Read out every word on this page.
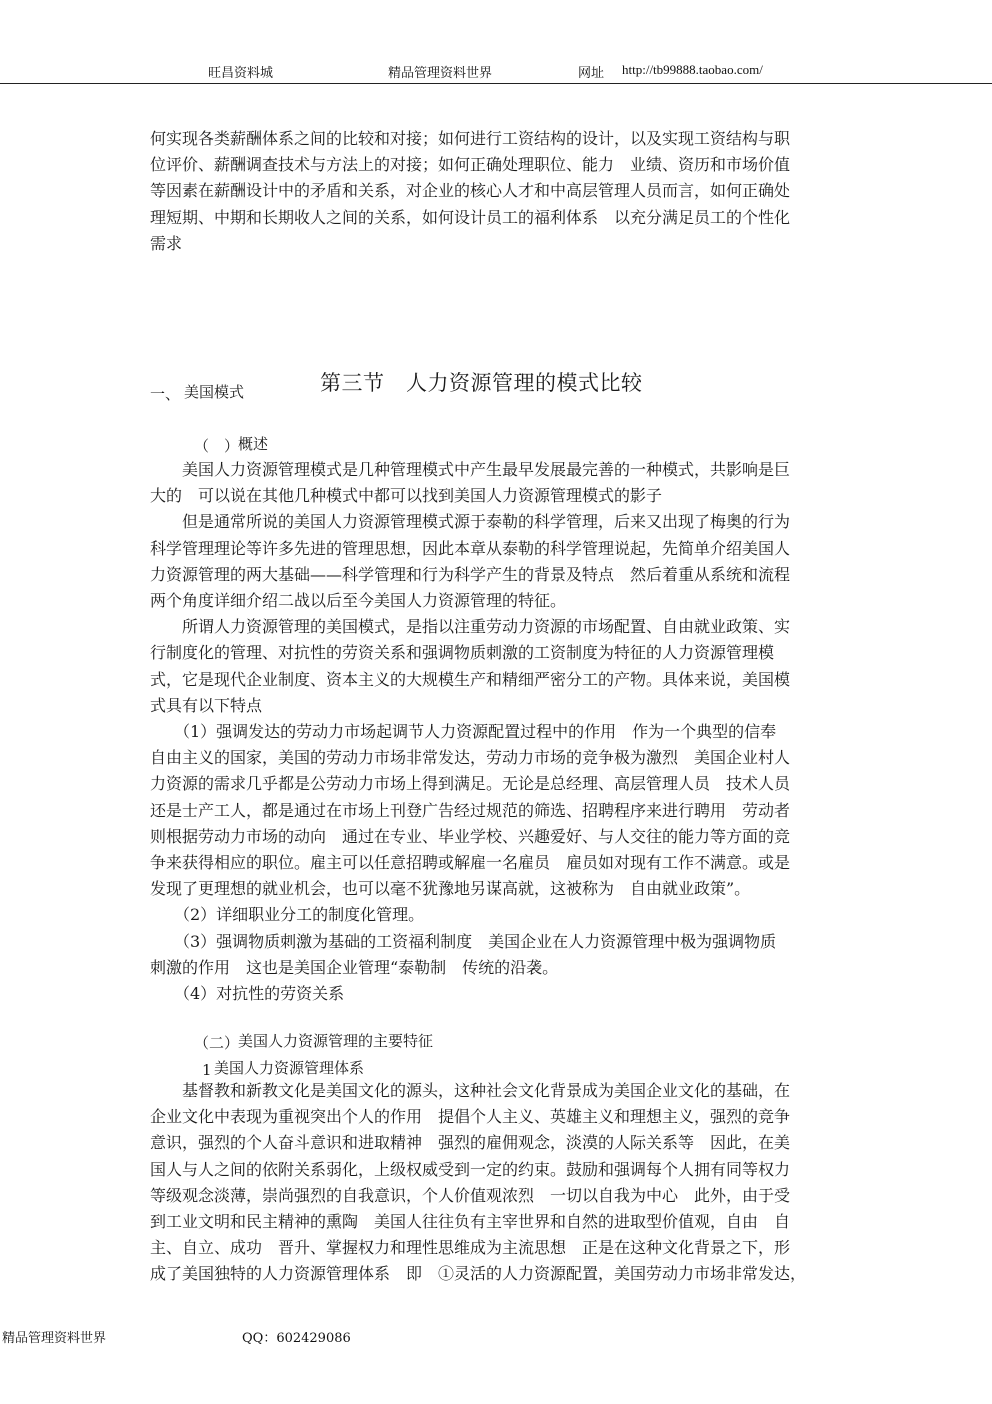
旺昌资料城	精品管理资料世界	网址 http://tb99888.taobao.com/
何实现各类薪酬体系之间的比较和对接；如何进行工资结构的设计，以及实现工资结构与职
位评价、薪酬调查技术与方法上的对接；如何正确处理职位、能力　业绩、资历和市场价值
等因素在薪酬设计中的矛盾和关系，对企业的核心人才和中高层管理人员而言，如何正确处
理短期、中期和长期收人之间的关系，如何设计员工的福利体系　以充分满足员工的个性化
需求
第三节　人力资源管理的模式比较
一、 美国模式
（　）
概述
　　美国人力资源管理模式是几种管理模式中产生最早发展最完善的一种模式，共影响是巨
大的　可以说在其他几种模式中都可以找到美国人力资源管理模式的影子
　　但是通常所说的美国人力资源管理模式源于泰勒的科学管理，后来又出现了梅奥的行为
科学管理理论等许多先进的管理思想，因此本章从泰勒的科学管理说起，先简单介绍美国人
力资源管理的两大基础——科学管理和行为科学产生的背景及特点　然后着重从系统和流程
两个角度详细介绍二战以后至今美国人力资源管理的特征。
　　所谓人力资源管理的美国模式，是指以注重劳动力资源的市场配置、自由就业政策、实
行制度化的管理、对抗性的劳资关系和强调物质刺激的工资制度为特征的人力资源管理模
式，它是现代企业制度、资本主义的大规模生产和精细严密分工的产物。具体来说，美国模
式具有以下特点
　　（1）强调发达的劳动力市场起调节人力资源配置过程中的作用　作为一个典型的信奉
自由主义的国家，美国的劳动力市场非常发达，劳动力市场的竞争极为激烈　美国企业村人
力资源的需求几乎都是公劳动力市场上得到满足。无论是总经理、高层管理人员　技术人员
还是士产工人，都是通过在市场上刊登广告经过规范的筛选、招聘程序来进行聘用　劳动者
则根据劳动力市场的动向　通过在专业、毕业学校、兴趣爱好、与人交往的能力等方面的竞
争来获得相应的职位。雇主可以任意招聘或解雇一名雇员　雇员如对现有工作不满意。或是
发现了更理想的就业机会，也可以毫不犹豫地另谋高就，这被称为　自由就业政策”。
　　（2）详细职业分工的制度化管理。
　　（3）强调物质刺激为基础的工资福利制度　美国企业在人力资源管理中极为强调物质
刺激的作用　这也是美国企业管理“泰勒制　传统的沿袭。
　　（4）对抗性的劳资关系
（二）
美国人力资源管理的主要特征
1 美国人力资源管理体系
　　基督教和新教文化是美国文化的源头，这种社会文化背景成为美国企业文化的基础，在
企业文化中表现为重视突出个人的作用　提倡个人主义、英雄主义和理想主义，强烈的竞争
意识，强烈的个人奋斗意识和进取精神　强烈的雇佣观念，淡漠的人际关系等　因此，在美
国人与人之间的依附关系弱化，上级权威受到一定的约束。鼓励和强调每个人拥有同等权力
等级观念淡薄，崇尚强烈的自我意识，个人价值观浓烈　一切以自我为中心　此外，由于受
到工业文明和民主精神的熏陶　美国人往往负有主宰世界和自然的进取型价值观，自由　自
主、自立、成功　晋升、掌握权力和理性思维成为主流思想　正是在这种文化背景之下，形
成了美国独特的人力资源管理体系　即　①灵活的人力资源配置，美国劳动力市场非常发达，
精品管理资料世界	QQ：602429086
